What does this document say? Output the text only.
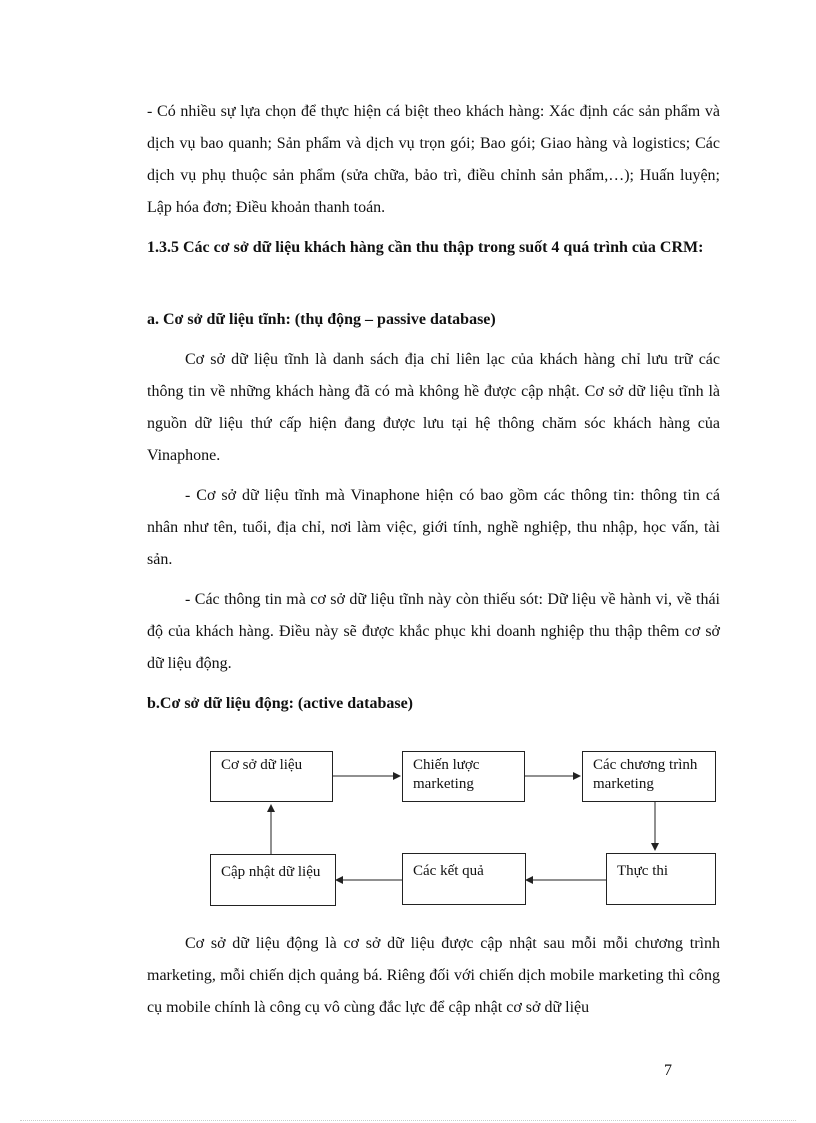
- Có nhiều sự lựa chọn để thực hiện cá biệt theo khách hàng: Xác định các sản phẩm và dịch vụ bao quanh; Sản phẩm và dịch vụ trọn gói; Bao gói; Giao hàng và logistics; Các dịch vụ phụ thuộc sản phẩm (sửa chữa, bảo trì, điều chỉnh sản phẩm,…); Huấn luyện; Lập hóa đơn; Điều khoản thanh toán.

1.3.5 Các cơ sở dữ liệu khách hàng cần thu thập trong suốt 4 quá trình của CRM:

a. Cơ sở dữ liệu tĩnh: (thụ động – passive database)

Cơ sở dữ liệu tĩnh là danh sách địa chỉ liên lạc của khách hàng chỉ lưu trữ các thông tin về những khách hàng đã có mà không hề được cập nhật. Cơ sở dữ liệu tĩnh là nguồn dữ liệu thứ cấp hiện đang được lưu tại hệ thông chăm sóc khách hàng của Vinaphone.

- Cơ sở dữ liệu tĩnh mà Vinaphone hiện có bao gồm các thông tin: thông tin cá nhân như tên, tuổi, địa chỉ, nơi làm việc, giới tính, nghề nghiệp, thu nhập, học vấn, tài sản.

- Các thông tin mà cơ sở dữ liệu tĩnh này còn thiếu sót: Dữ liệu về hành vi, về thái độ của khách hàng. Điều này sẽ được khắc phục khi doanh nghiệp thu thập thêm cơ sở dữ liệu động.

b.Cơ sở dữ liệu động: (active database)

Cơ sở dữ liệu	Chiến lược marketing
Các chương trình marketing
Thực thi
Các kết quả
Cập nhật dữ liệu

Cơ sở dữ liệu động là cơ sở dữ liệu được cập nhật sau mỗi mỗi chương trình marketing, mỗi chiến dịch quảng bá. Riêng đối với chiến dịch mobile marketing thì công cụ mobile chính là công cụ vô cùng đắc lực để cập nhật cơ sở dữ liệu

7
